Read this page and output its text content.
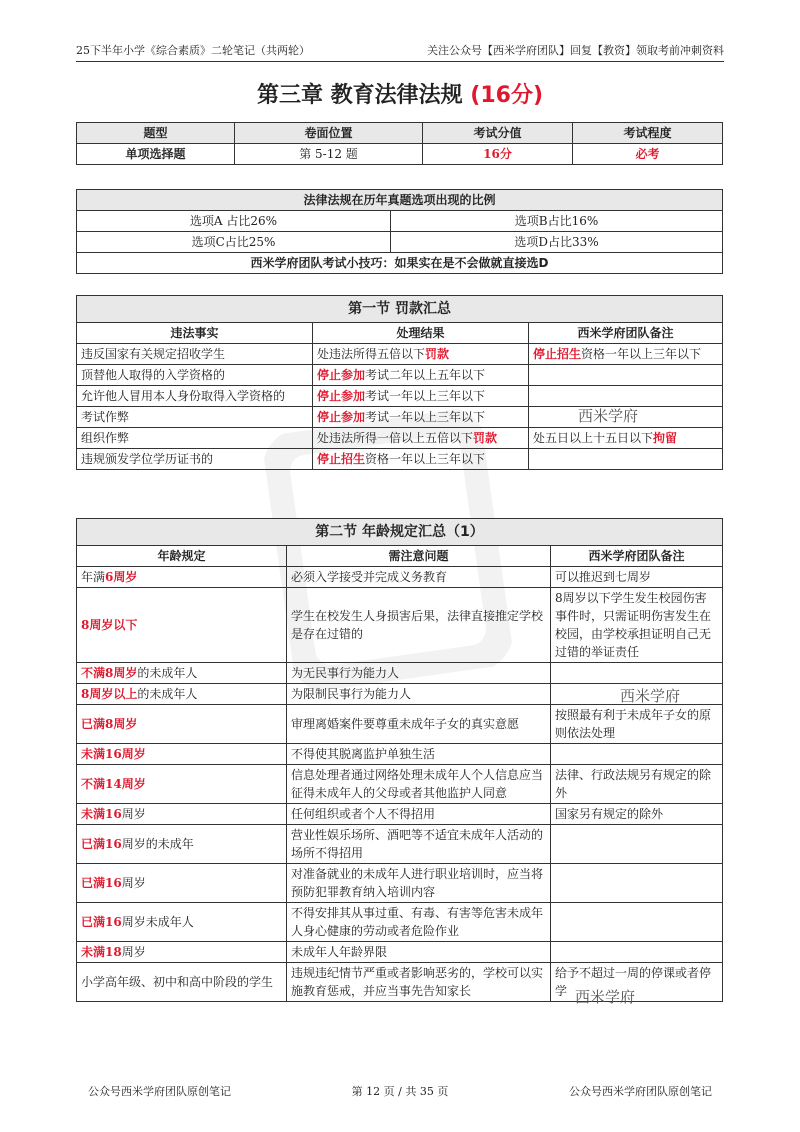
25下半年小学《综合素质》二轮笔记（共两轮）	关注公众号【西米学府团队】回复【教资】领取考前冲刺资料
第三章 教育法律法规 (16分)
题型	卷面位置	考试分值	考试程度
单项选择题	第 5-12 题	16分	必考
法律法规在历年真题选项出现的比例	
选项A 占比26%	选项B占比16%
选项C占比25%	选项D占比33%
西米学府团队考试小技巧：如果实在是不会做就直接选D	
第一节 罚款汇总		
违法事实	处理结果	西米学府团队备注
违反国家有关规定招收学生	处违法所得五倍以下罚款	停止招生资格一年以上三年以下
顶替他人取得的入学资格的	停止参加考试二年以上五年以下	
允许他人冒用本人身份取得入学资格的	停止参加考试一年以上三年以下	
考试作弊	停止参加考试一年以上三年以下	
组织作弊	处违法所得一倍以上五倍以下罚款	处五日以上十五日以下拘留
违规颁发学位学历证书的	停止招生资格一年以上三年以下	
第二节 年龄规定汇总（1）		
年龄规定	需注意问题	西米学府团队备注
年满6周岁	必须入学接受并完成义务教育	可以推迟到七周岁
8周岁以下	学生在校发生人身损害后果，法律直接推定学校是存在过错的	8周岁以下学生发生校园伤害事件时，只需证明伤害发生在校园，由学校承担证明自己无过错的举证责任
不满8周岁的未成年人	为无民事行为能力人	
8周岁以上的未成年人	为限制民事行为能力人	
已满8周岁	审理离婚案件要尊重未成年子女的真实意愿	按照最有利于未成年子女的原则依法处理
未满16周岁	不得使其脱离监护单独生活	
不满14周岁	信息处理者通过网络处理未成年人个人信息应当征得未成年人的父母或者其他监护人同意	法律、行政法规另有规定的除外
未满16周岁	任何组织或者个人不得招用	国家另有规定的除外
已满16周岁的未成年	营业性娱乐场所、酒吧等不适宜未成年人活动的场所不得招用	
已满16周岁	对准备就业的未成年人进行职业培训时，应当将预防犯罪教育纳入培训内容	
已满16周岁未成年人	不得安排其从事过重、有毒、有害等危害未成年人身心健康的劳动或者危险作业	
未满18周岁	未成年人年龄界限	
小学高年级、初中和高中阶段的学生	违规违纪情节严重或者影响恶劣的，学校可以实施教育惩戒，并应当事先告知家长	给予不超过一周的停课或者停学
西米学府
西米学府
西米学府
公众号西米学府团队原创笔记	第 12 页 / 共 35 页	公众号西米学府团队原创笔记
